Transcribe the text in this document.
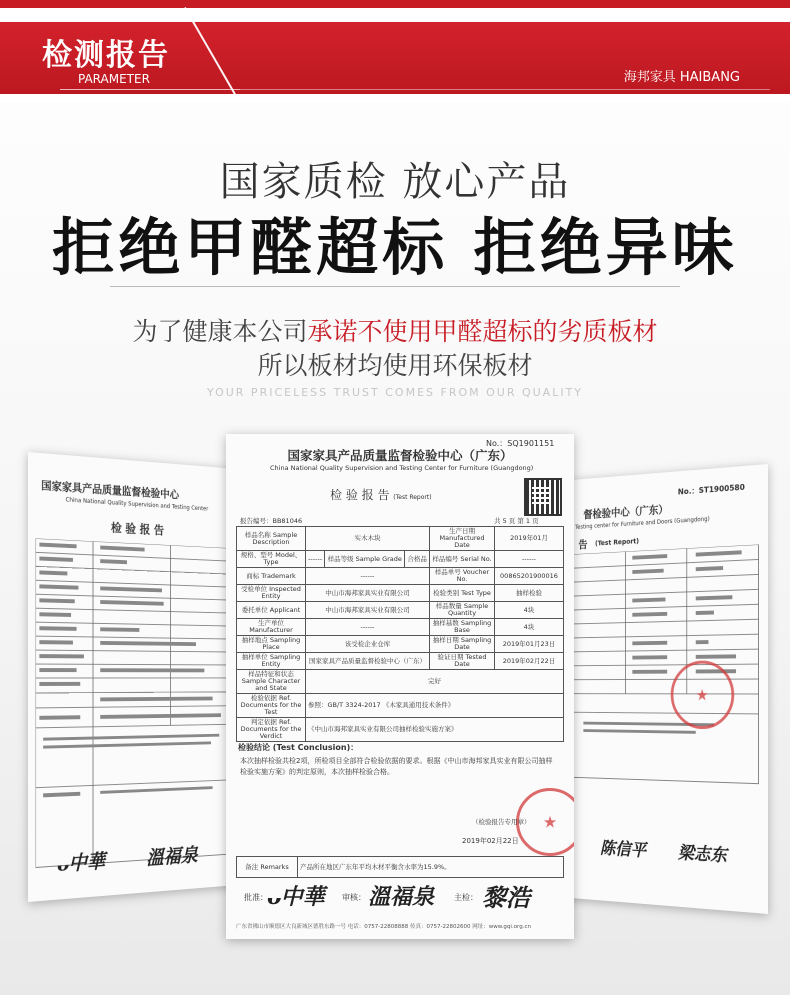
检测报告
PARAMETER	海邦家具 HAIBANG
国家质检 放心产品
拒绝甲醛超标 拒绝异味
为了健康本公司承诺不使用甲醛超标的劣质板材
所以板材均使用环保板材
YOUR PRICELESS TRUST COMES FROM OUR QUALITY
国家家具产品质量监督检验中心
China National Quality Supervision and Testing Center
检 验 报 告
ᴗ中華 溫福泉
No.：ST1900580
督检验中心（广东）
Testing center for Furniture and Doors (Guangdong)
告 (Test Report)
★
陈信平 梁志东
No.：SQ1901151
国家家具产品质量监督检验中心（广东）
China National Quality Supervision and Testing Center for Furniture (Guangdong)
检 验 报 告 (Test Report)
报告编号：BB81046	共 5 页 第 1 页
样品名称 Sample Description	实木木块			生产日期 Manufactured Date	2019年01月
规格、型号 Model、Type	------	样品等级 Sample Grade	合格品	样品编号 Serial No.	------
商标 Trademark	------			样品单号 Voucher No.	00865201900016
受检单位 Inspected Entity	中山市海邦家具实业有限公司			检验类别 Test Type	抽样检验
委托单位 Applicant	中山市海邦家具实业有限公司			样品数量 Sample Quantity	4块
生产单位 Manufacturer	------			抽样基数 Sampling Base	4块
抽样地点 Sampling Place	该受检企业仓库			抽样日期 Sampling Date	2019年01月23日
抽样单位 Sampling Entity	国家家具产品质量监督检验中心（广东）			验证日期 Tested Date	2019年02月22日
样品特征和状态 Sample Character and State	完好				
检验依据 Ref. Documents for the Test	参照：GB/T 3324-2017 《木家具通用技术条件》				
判定依据 Ref. Documents for the Verdict	《中山市海邦家具实业有限公司抽样检验实施方案》				
检验结论 (Test Conclusion)：
本次抽样检验共检2项，所检项目全部符合检验依据的要求。根据《中山市海邦家具实业有限公司抽样检验实施方案》的判定原则，本次抽样检验合格。
★
（检验报告专用章）
2019年02月22日
备注 Remarks	产品所在地区广东年平均木材平衡含水率为15.9%。
批准：
ᴗ中華 审核： 溫福泉 主检： 黎浩
广东省佛山市顺德区大良新城区德胜东路一号 电话：0757-22808888 传真：0757-22802600 网址：www.gqi.org.cn
